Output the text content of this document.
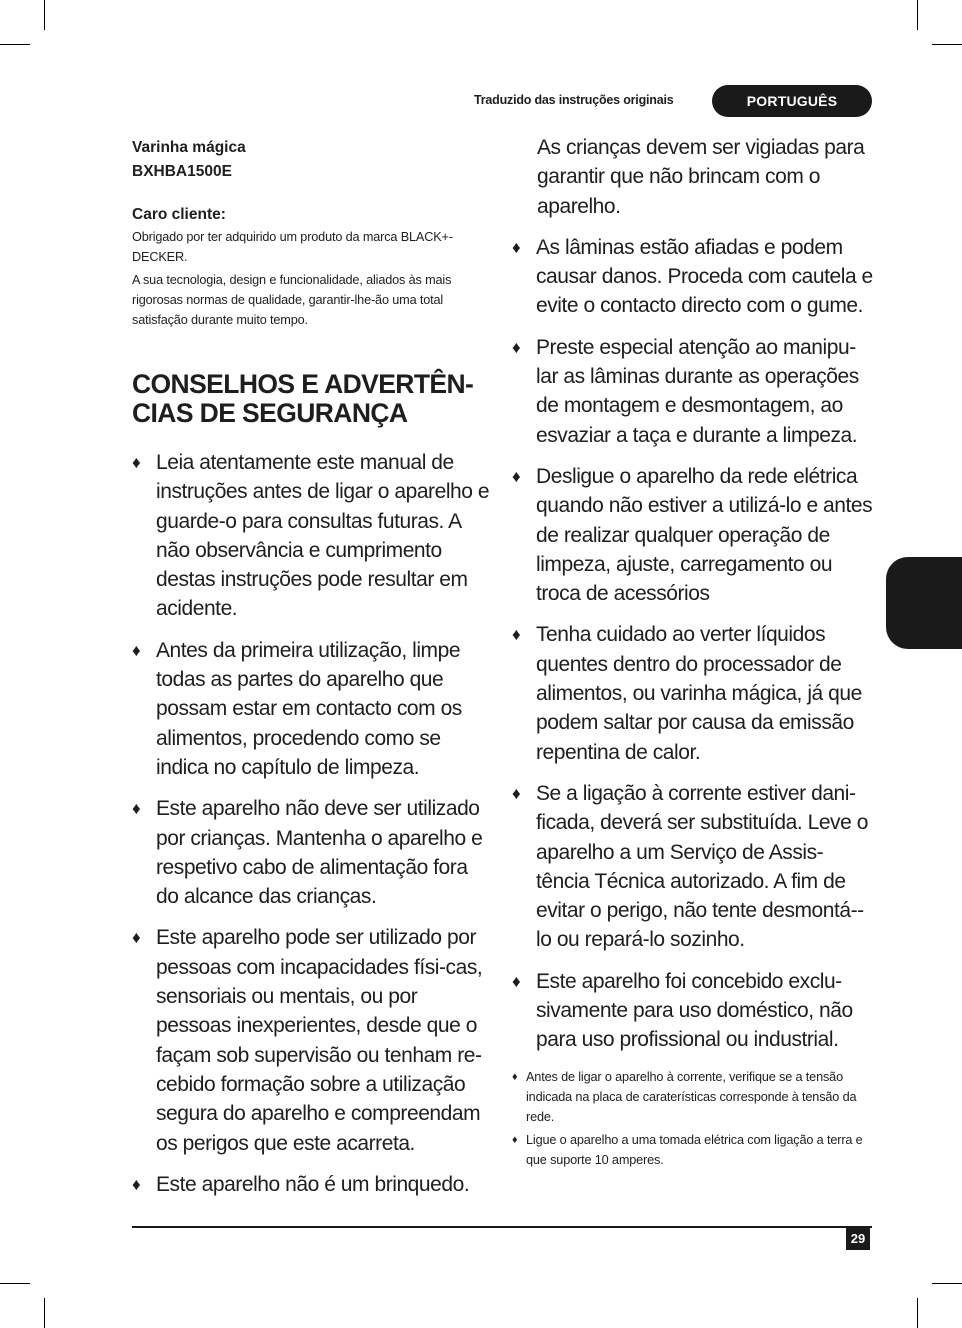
Traduzido das instruções originais	PORTUGUÊS
Varinha mágica
BXHBA1500E
Caro cliente:

Obrigado por ter adquirido um produto da marca BLACK+-DECKER.

A sua tecnologia, design e funcionalidade, aliados às mais rigorosas normas de qualidade, garantir-lhe-ão uma total satisfação durante muito tempo.

CONSELHOS E ADVERTÊN-CIAS DE SEGURANÇA
♦ Leia atentamente este manual de instruções antes de ligar o aparelho e guarde-o para consultas futuras. A não observância e cumprimento destas instruções pode resultar em acidente.
♦ Antes da primeira utilização, limpe todas as partes do aparelho que possam estar em contacto com os alimentos, procedendo como se indica no capítulo de limpeza.
♦ Este aparelho não deve ser utilizado por crianças. Mantenha o aparelho e respetivo cabo de alimentação fora do alcance das crianças.
♦ Este aparelho pode ser utilizado por pessoas com incapacidades físi-cas, sensoriais ou mentais, ou por pessoas inexperientes, desde que o façam sob supervisão ou tenham re-cebido formação sobre a utilização segura do aparelho e compreendam os perigos que este acarreta.
♦ Este aparelho não é um brinquedo.

As crianças devem ser vigiadas para garantir que não brincam com o aparelho.

♦ As lâminas estão afiadas e podem causar danos. Proceda com cautela e evite o contacto directo com o gume.
♦ Preste especial atenção ao manipu-lar as lâminas durante as operações de montagem e desmontagem, ao esvaziar a taça e durante a limpeza.
♦ Desligue o aparelho da rede elétrica quando não estiver a utilizá-lo e antes de realizar qualquer operação de limpeza, ajuste, carregamento ou troca de acessórios
♦ Tenha cuidado ao verter líquidos quentes dentro do processador de alimentos, ou varinha mágica, já que podem saltar por causa da emissão repentina de calor.
♦ Se a ligação à corrente estiver dani-ficada, deverá ser substituída. Leve o aparelho a um Serviço de Assis-tência Técnica autorizado. A fim de evitar o perigo, não tente desmontá--lo ou repará-lo sozinho.
♦ Este aparelho foi concebido exclu-sivamente para uso doméstico, não para uso profissional ou industrial.
♦ Antes de ligar o aparelho à corrente, verifique se a tensão indicada na placa de caraterísticas corresponde à tensão da rede.
♦ Ligue o aparelho a uma tomada elétrica com ligação a terra e que suporte 10 amperes.
29
